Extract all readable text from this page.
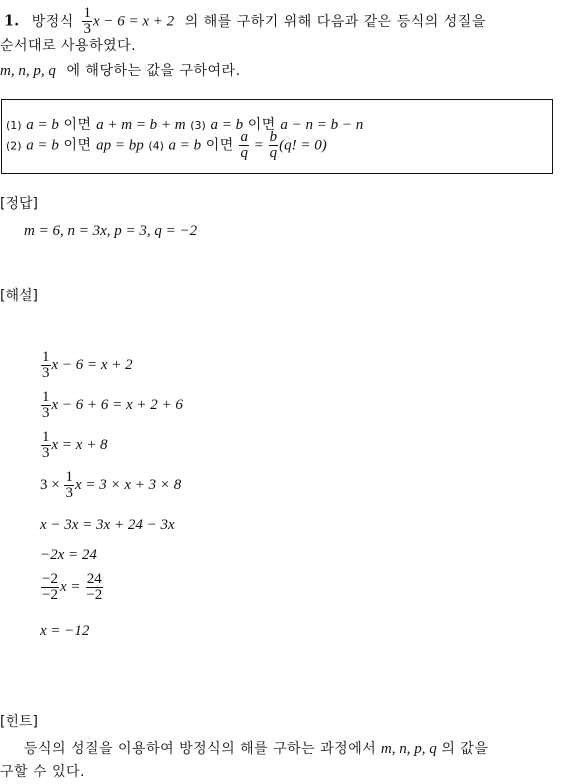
1. 방정식 $\frac{1}{3}$ x − 6 = x + 2 의 해를 구하기 위해 다음과 같은 등식의 성질을
순서대로 사용하였다.
m, n, p, q 에 해당하는 값을 구하여라.
(1) a = b 이면 a + m = b + m (3) a = b 이면 a − n = b − n
(2) a = b 이면 ap = bp (4) a = b 이면 $\frac{a}{q} = \frac{b}{q} (q$! = 0)
[정답]
m = 6, n = 3x, p = 3, q = −2
[해설]
$\frac{1}{3}$ x − 6 = x + 2
$\frac{1}{3}$ x − 6 + 6 = x + 2 + 6
$\frac{1}{3}$ x = x + 8
$3 \times \frac{1}{3}$ x = 3 × x + 3 × 8
x − 3x = 3x + 24 − 3x
−2x = 24
$\frac{-2}{-2}$ $x = \frac{24}{-2}$
x = −12
[힌트]
등식의 성질을 이용하여 방정식의 해를 구하는 과정에서 m, n, p, q 의 값을
구할 수 있다.
